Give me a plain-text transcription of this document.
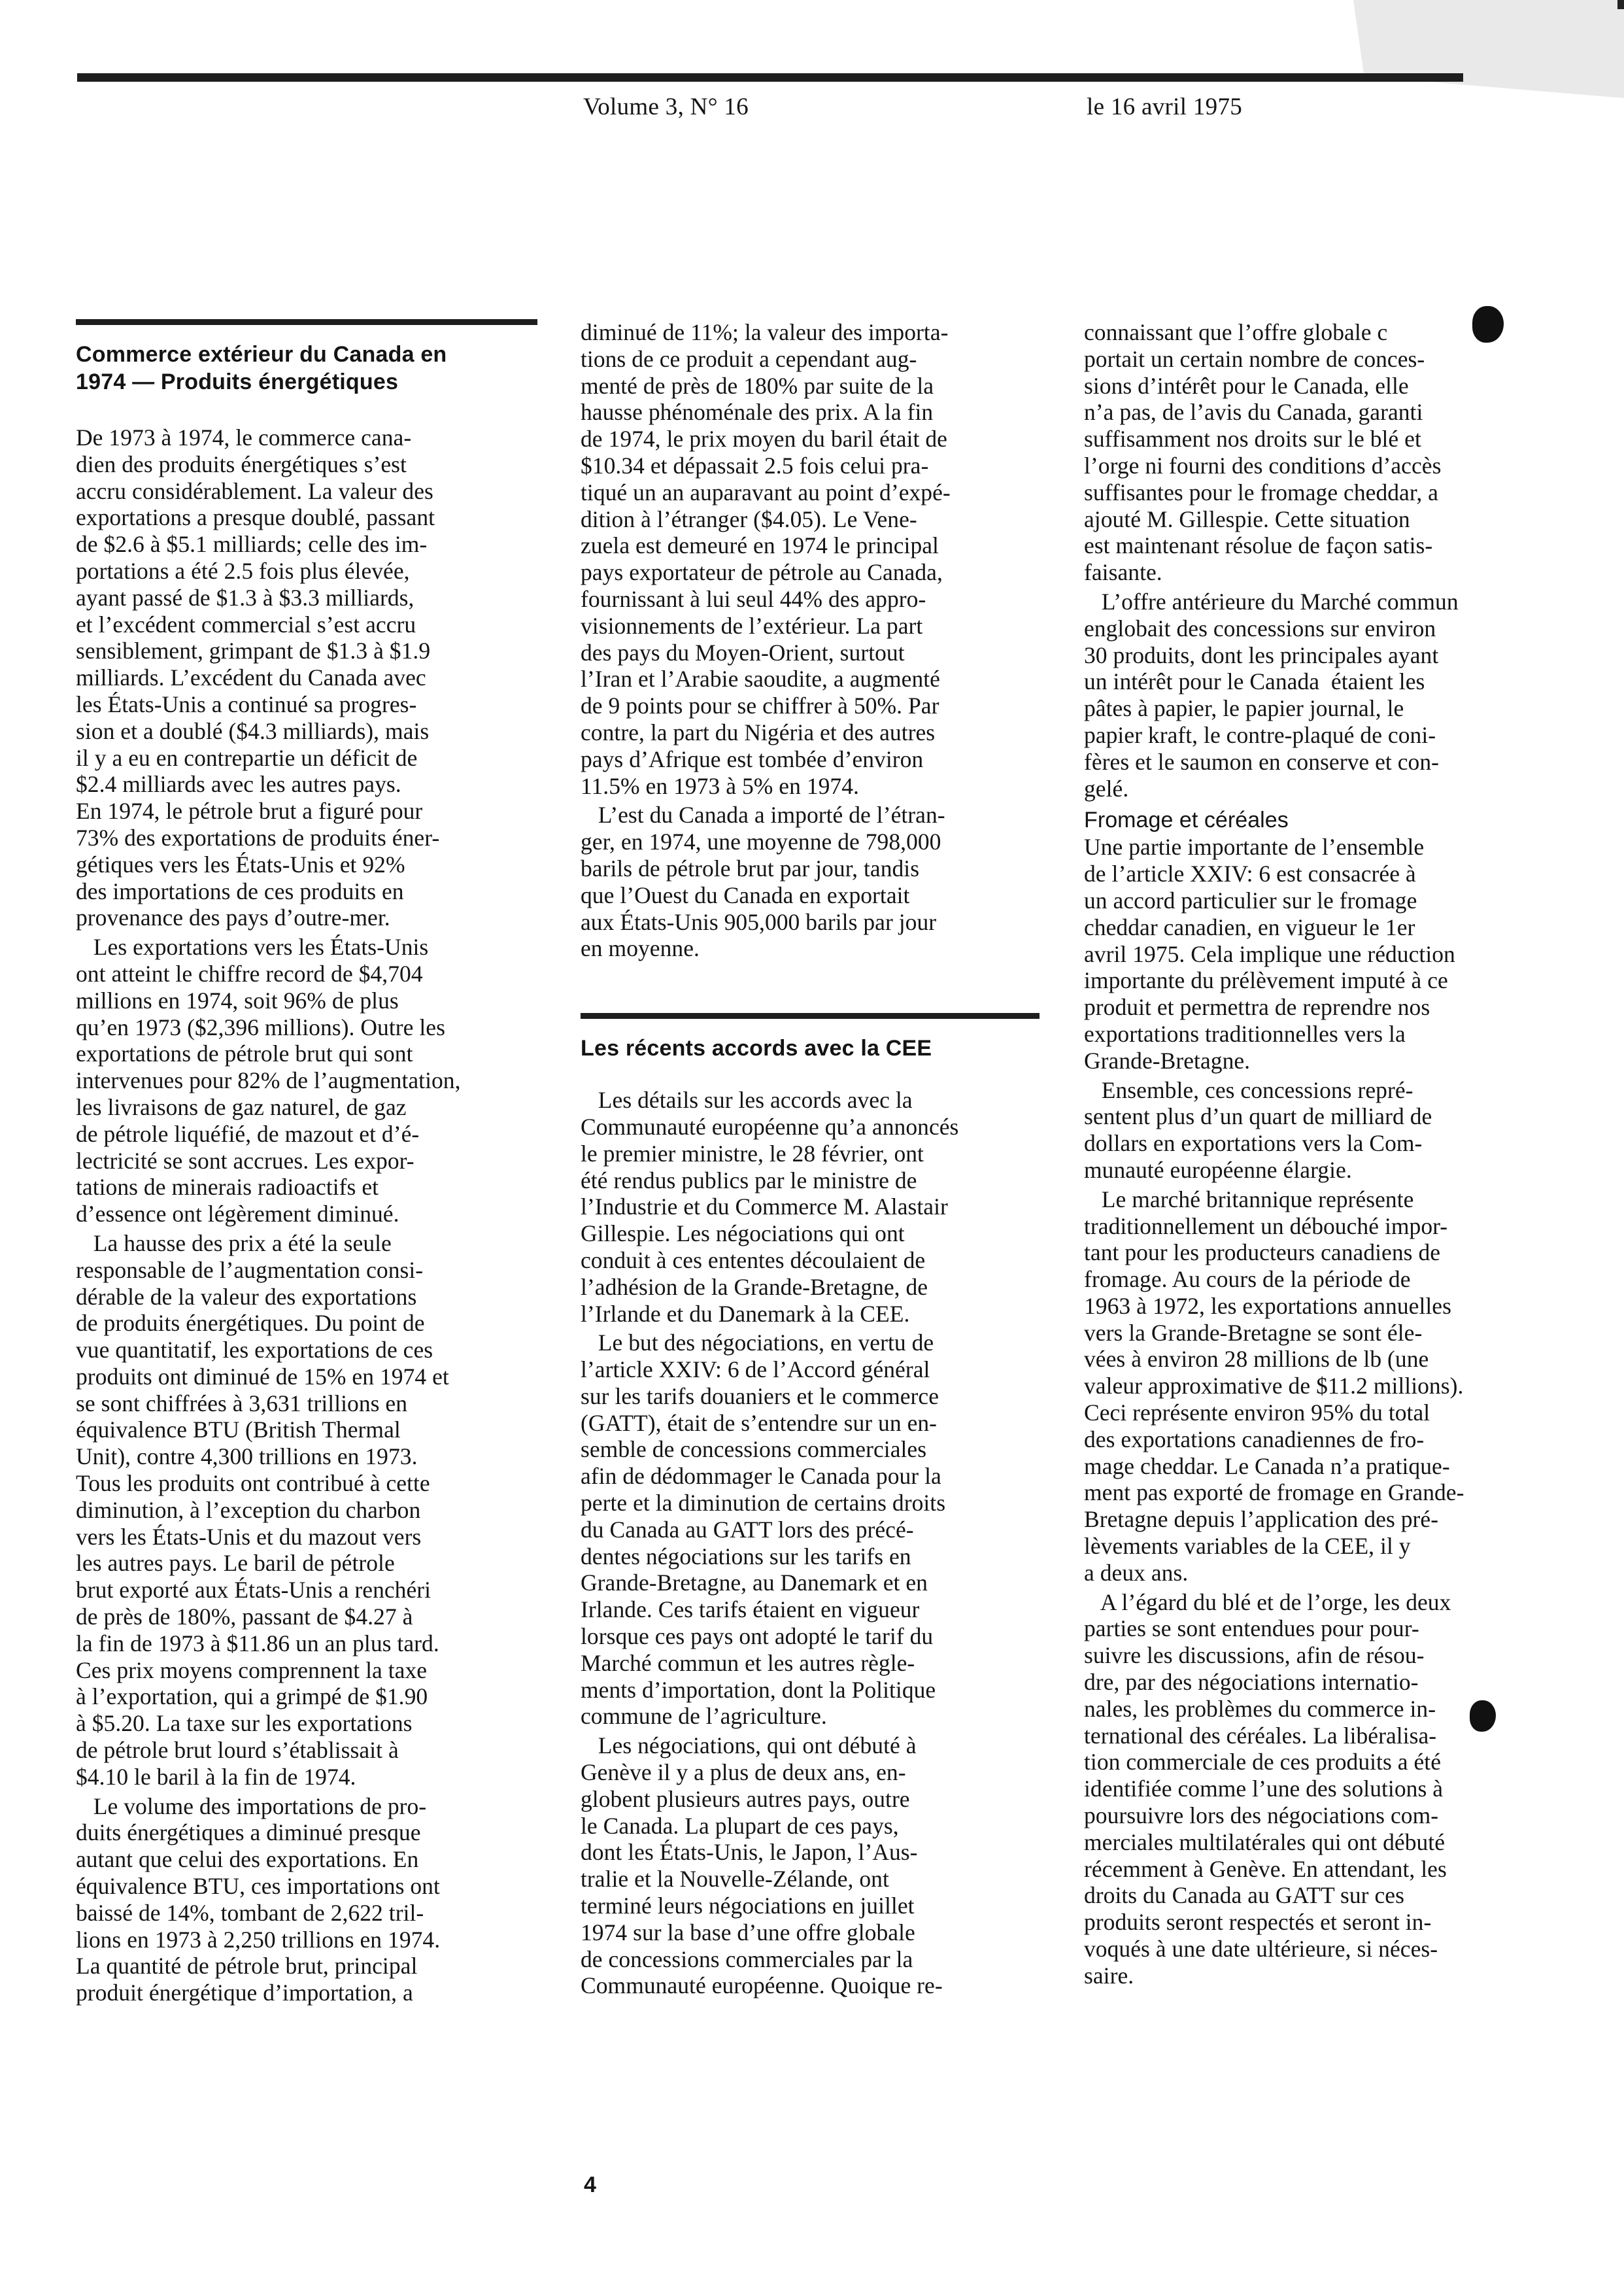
Volume 3, N° 16	le 16 avril 1975
Commerce extérieur du Canada en
1974 — Produits énergétiques
De 1973 à 1974, le commerce cana-
dien des produits énergétiques s’est
accru considérablement. La valeur des
exportations a presque doublé, passant
de $2.6 à $5.1 milliards; celle des im-
portations a été 2.5 fois plus élevée,
ayant passé de $1.3 à $3.3 milliards,
et l’excédent commercial s’est accru
sensiblement, grimpant de $1.3 à $1.9
milliards. L’excédent du Canada avec
les États-Unis a continué sa progres-
sion et a doublé ($4.3 milliards), mais
il y a eu en contrepartie un déficit de
$2.4 milliards avec les autres pays.
En 1974, le pétrole brut a figuré pour
73% des exportations de produits éner-
gétiques vers les États-Unis et 92%
des importations de ces produits en
provenance des pays d’outre-mer.
Les exportations vers les États-Unis
ont atteint le chiffre record de $4,704
millions en 1974, soit 96% de plus
qu’en 1973 ($2,396 millions). Outre les
exportations de pétrole brut qui sont
intervenues pour 82% de l’augmentation,
les livraisons de gaz naturel, de gaz
de pétrole liquéfié, de mazout et d’é-
lectricité se sont accrues. Les expor-
tations de minerais radioactifs et
d’essence ont légèrement diminué.
La hausse des prix a été la seule
responsable de l’augmentation consi-
dérable de la valeur des exportations
de produits énergétiques. Du point de
vue quantitatif, les exportations de ces
produits ont diminué de 15% en 1974 et
se sont chiffrées à 3,631 trillions en
équivalence BTU (British Thermal
Unit), contre 4,300 trillions en 1973.
Tous les produits ont contribué à cette
diminution, à l’exception du charbon
vers les États-Unis et du mazout vers
les autres pays. Le baril de pétrole
brut exporté aux États-Unis a renchéri
de près de 180%, passant de $4.27 à
la fin de 1973 à $11.86 un an plus tard.
Ces prix moyens comprennent la taxe
à l’exportation, qui a grimpé de $1.90
à $5.20. La taxe sur les exportations
de pétrole brut lourd s’établissait à
$4.10 le baril à la fin de 1974.
Le volume des importations de pro-
duits énergétiques a diminué presque
autant que celui des exportations. En
équivalence BTU, ces importations ont
baissé de 14%, tombant de 2,622 tril-
lions en 1973 à 2,250 trillions en 1974.
La quantité de pétrole brut, principal
produit énergétique d’importation, a
diminué de 11%; la valeur des importa-
tions de ce produit a cependant aug-
menté de près de 180% par suite de la
hausse phénoménale des prix. A la fin
de 1974, le prix moyen du baril était de
$10.34 et dépassait 2.5 fois celui pra-
tiqué un an auparavant au point d’expé-
dition à l’étranger ($4.05). Le Vene-
zuela est demeuré en 1974 le principal
pays exportateur de pétrole au Canada,
fournissant à lui seul 44% des appro-
visionnements de l’extérieur. La part
des pays du Moyen-Orient, surtout
l’Iran et l’Arabie saoudite, a augmenté
de 9 points pour se chiffrer à 50%. Par
contre, la part du Nigéria et des autres
pays d’Afrique est tombée d’environ
11.5% en 1973 à 5% en 1974.
L’est du Canada a importé de l’étran-
ger, en 1974, une moyenne de 798,000
barils de pétrole brut par jour, tandis
que l’Ouest du Canada en exportait
aux États-Unis 905,000 barils par jour
en moyenne.
Les récents accords avec la CEE
Les détails sur les accords avec la
Communauté européenne qu’a annoncés
le premier ministre, le 28 février, ont
été rendus publics par le ministre de
l’Industrie et du Commerce M. Alastair
Gillespie. Les négociations qui ont
conduit à ces ententes découlaient de
l’adhésion de la Grande-Bretagne, de
l’Irlande et du Danemark à la CEE.
Le but des négociations, en vertu de
l’article XXIV: 6 de l’Accord général
sur les tarifs douaniers et le commerce
(GATT), était de s’entendre sur un en-
semble de concessions commerciales
afin de dédommager le Canada pour la
perte et la diminution de certains droits
du Canada au GATT lors des précé-
dentes négociations sur les tarifs en
Grande-Bretagne, au Danemark et en
Irlande. Ces tarifs étaient en vigueur
lorsque ces pays ont adopté le tarif du
Marché commun et les autres règle-
ments d’importation, dont la Politique
commune de l’agriculture.
Les négociations, qui ont débuté à
Genève il y a plus de deux ans, en-
globent plusieurs autres pays, outre
le Canada. La plupart de ces pays,
dont les États-Unis, le Japon, l’Aus-
tralie et la Nouvelle-Zélande, ont
terminé leurs négociations en juillet
1974 sur la base d’une offre globale
de concessions commerciales par la
Communauté européenne. Quoique re-
connaissant que l’offre globale c
portait un certain nombre de conces-
sions d’intérêt pour le Canada, elle
n’a pas, de l’avis du Canada, garanti
suffisamment nos droits sur le blé et
l’orge ni fourni des conditions d’accès
suffisantes pour le fromage cheddar, a
ajouté M. Gillespie. Cette situation
est maintenant résolue de façon satis-
faisante.
L’offre antérieure du Marché commun
englobait des concessions sur environ
30 produits, dont les principales ayant
un intérêt pour le Canada  étaient les
pâtes à papier, le papier journal, le
papier kraft, le contre-plaqué de coni-
fères et le saumon en conserve et con-
gelé.
Fromage et céréales
Une partie importante de l’ensemble
de l’article XXIV: 6 est consacrée à
un accord particulier sur le fromage
cheddar canadien, en vigueur le 1er
avril 1975. Cela implique une réduction
importante du prélèvement imputé à ce
produit et permettra de reprendre nos
exportations traditionnelles vers la
Grande-Bretagne.
Ensemble, ces concessions repré-
sentent plus d’un quart de milliard de
dollars en exportations vers la Com-
munauté européenne élargie.
Le marché britannique représente
traditionnellement un débouché impor-
tant pour les producteurs canadiens de
fromage. Au cours de la période de
1963 à 1972, les exportations annuelles
vers la Grande-Bretagne se sont éle-
vées à environ 28 millions de lb (une
valeur approximative de $11.2 millions).
Ceci représente environ 95% du total
des exportations canadiennes de fro-
mage cheddar. Le Canada n’a pratique-
ment pas exporté de fromage en Grande-
Bretagne depuis l’application des pré-
lèvements variables de la CEE, il y
a deux ans.
A l’égard du blé et de l’orge, les deux
parties se sont entendues pour pour-
suivre les discussions, afin de résou-
dre, par des négociations internatio-
nales, les problèmes du commerce in-
ternational des céréales. La libéralisa-
tion commerciale de ces produits a été
identifiée comme l’une des solutions à
poursuivre lors des négociations com-
merciales multilatérales qui ont débuté
récemment à Genève. En attendant, les
droits du Canada au GATT sur ces
produits seront respectés et seront in-
voqués à une date ultérieure, si néces-
saire.
4
